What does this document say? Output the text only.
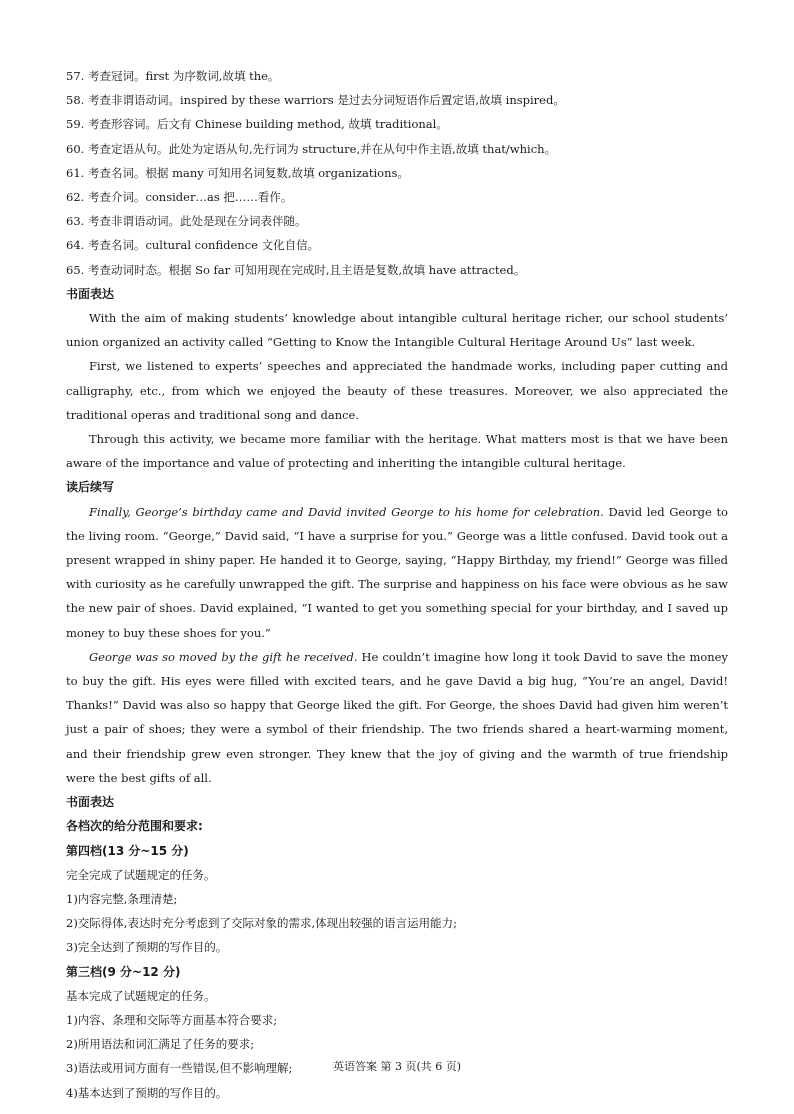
57. 考查冠词。first 为序数词,故填 the。
58. 考查非谓语动词。inspired by these warriors 是过去分词短语作后置定语,故填 inspired。
59. 考查形容词。后文有 Chinese building method, 故填 traditional。
60. 考查定语从句。此处为定语从句,先行词为 structure,并在从句中作主语,故填 that/which。
61. 考查名词。根据 many 可知用名词复数,故填 organizations。
62. 考查介词。consider…as 把……看作。
63. 考查非谓语动词。此处是现在分词表伴随。
64. 考查名词。cultural confidence 文化自信。
65. 考查动词时态。根据 So far 可知用现在完成时,且主语是复数,故填 have attracted。
书面表达

With the aim of making students’ knowledge about intangible cultural heritage richer, our school students’ union organized an activity called “Getting to Know the Intangible Cultural Heritage Around Us” last week.

First, we listened to experts’ speeches and appreciated the handmade works, including paper cutting and calligraphy, etc., from which we enjoyed the beauty of these treasures. Moreover, we also appreciated the traditional operas and traditional song and dance.

Through this activity, we became more familiar with the heritage. What matters most is that we have been aware of the importance and value of protecting and inheriting the intangible cultural heritage.

读后续写

Finally, George’s birthday came and David invited George to his home for celebration. David led George to the living room. “George,” David said, “I have a surprise for you.” George was a little confused. David took out a present wrapped in shiny paper. He handed it to George, saying, “Happy Birthday, my friend!” George was filled with curiosity as he carefully unwrapped the gift. The surprise and happiness on his face were obvious as he saw the new pair of shoes. David explained, “I wanted to get you something special for your birthday, and I saved up money to buy these shoes for you.”

George was so moved by the gift he received. He couldn’t imagine how long it took David to save the money to buy the gift. His eyes were filled with excited tears, and he gave David a big hug, “You’re an angel, David! Thanks!” David was also so happy that George liked the gift. For George, the shoes David had given him weren’t just a pair of shoes; they were a symbol of their friendship. The two friends shared a heart-warming moment, and their friendship grew even stronger. They knew that the joy of giving and the warmth of true friendship were the best gifts of all.

书面表达
各档次的给分范围和要求:
第四档(13 分~15 分)
完全完成了试题规定的任务。
1)内容完整,条理清楚;
2)交际得体,表达时充分考虑到了交际对象的需求,体现出较强的语言运用能力;
3)完全达到了预期的写作目的。
第三档(9 分~12 分)
基本完成了试题规定的任务。
1)内容、条理和交际等方面基本符合要求;
2)所用语法和词汇满足了任务的要求;
3)语法或用词方面有一些错误,但不影响理解;
4)基本达到了预期的写作目的。
英语答案 第 3 页(共 6 页)
